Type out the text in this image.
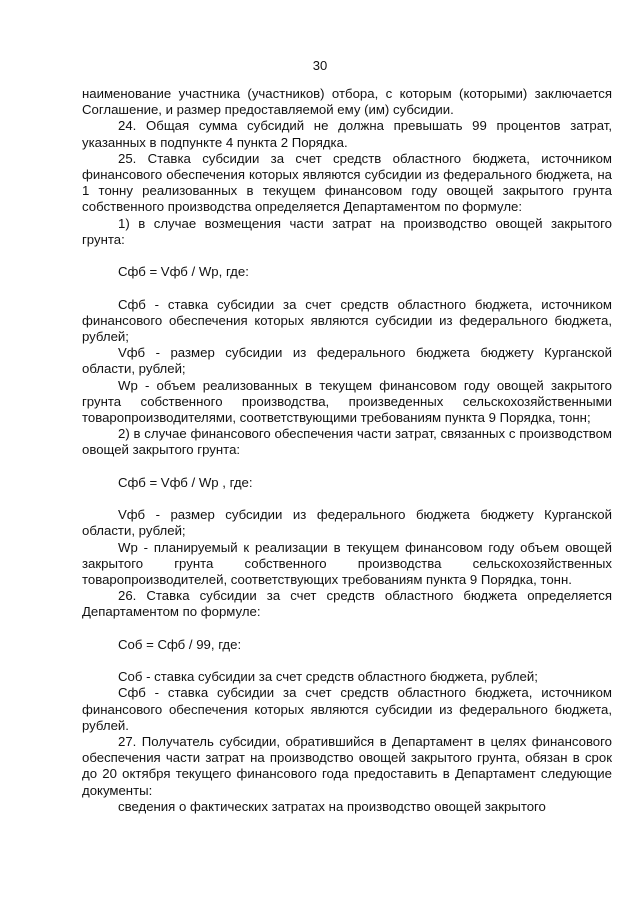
30

наименование участника (участников) отбора, с которым (которыми) заключается Соглашение, и размер предоставляемой ему (им) субсидии.

24. Общая сумма субсидий не должна превышать 99 процентов затрат, указанных в подпункте 4 пункта 2 Порядка.

25. Ставка субсидии за счет средств областного бюджета, источником финансового обеспечения которых являются субсидии из федерального бюджета, на 1 тонну реализованных в текущем финансовом году овощей закрытого грунта собственного производства определяется Департаментом по формуле:

1) в случае возмещения части затрат на производство овощей закрытого грунта:

Сфб = Vфб / Wp, где:

Сфб - ставка субсидии за счет средств областного бюджета, источником финансового обеспечения которых являются субсидии из федерального бюджета, рублей;

Vфб - размер субсидии из федерального бюджета бюджету Курганской области, рублей;

Wp - объем реализованных в текущем финансовом году овощей закрытого грунта собственного производства, произведенных сельскохозяйственными товаропроизводителями, соответствующими требованиям пункта 9 Порядка, тонн;

2) в случае финансового обеспечения части затрат, связанных с производством овощей закрытого грунта:

Сфб = Vфб / Wp , где:

Vфб - размер субсидии из федерального бюджета бюджету Курганской области, рублей;

Wp - планируемый к реализации в текущем финансовом году объем овощей закрытого грунта собственного производства сельскохозяйственных товаропроизводителей, соответствующих требованиям пункта 9 Порядка, тонн.

26. Ставка субсидии за счет средств областного бюджета определяется Департаментом по формуле:

Соб = Сфб / 99, где:

Соб - ставка субсидии за счет средств областного бюджета, рублей;

Сфб - ставка субсидии за счет средств областного бюджета, источником финансового обеспечения которых являются субсидии из федерального бюджета, рублей.

27. Получатель субсидии, обратившийся в Департамент в целях финансового обеспечения части затрат на производство овощей закрытого грунта, обязан в срок до 20 октября текущего финансового года предоставить в Департамент следующие документы:

сведения о фактических затратах на производство овощей закрытого
